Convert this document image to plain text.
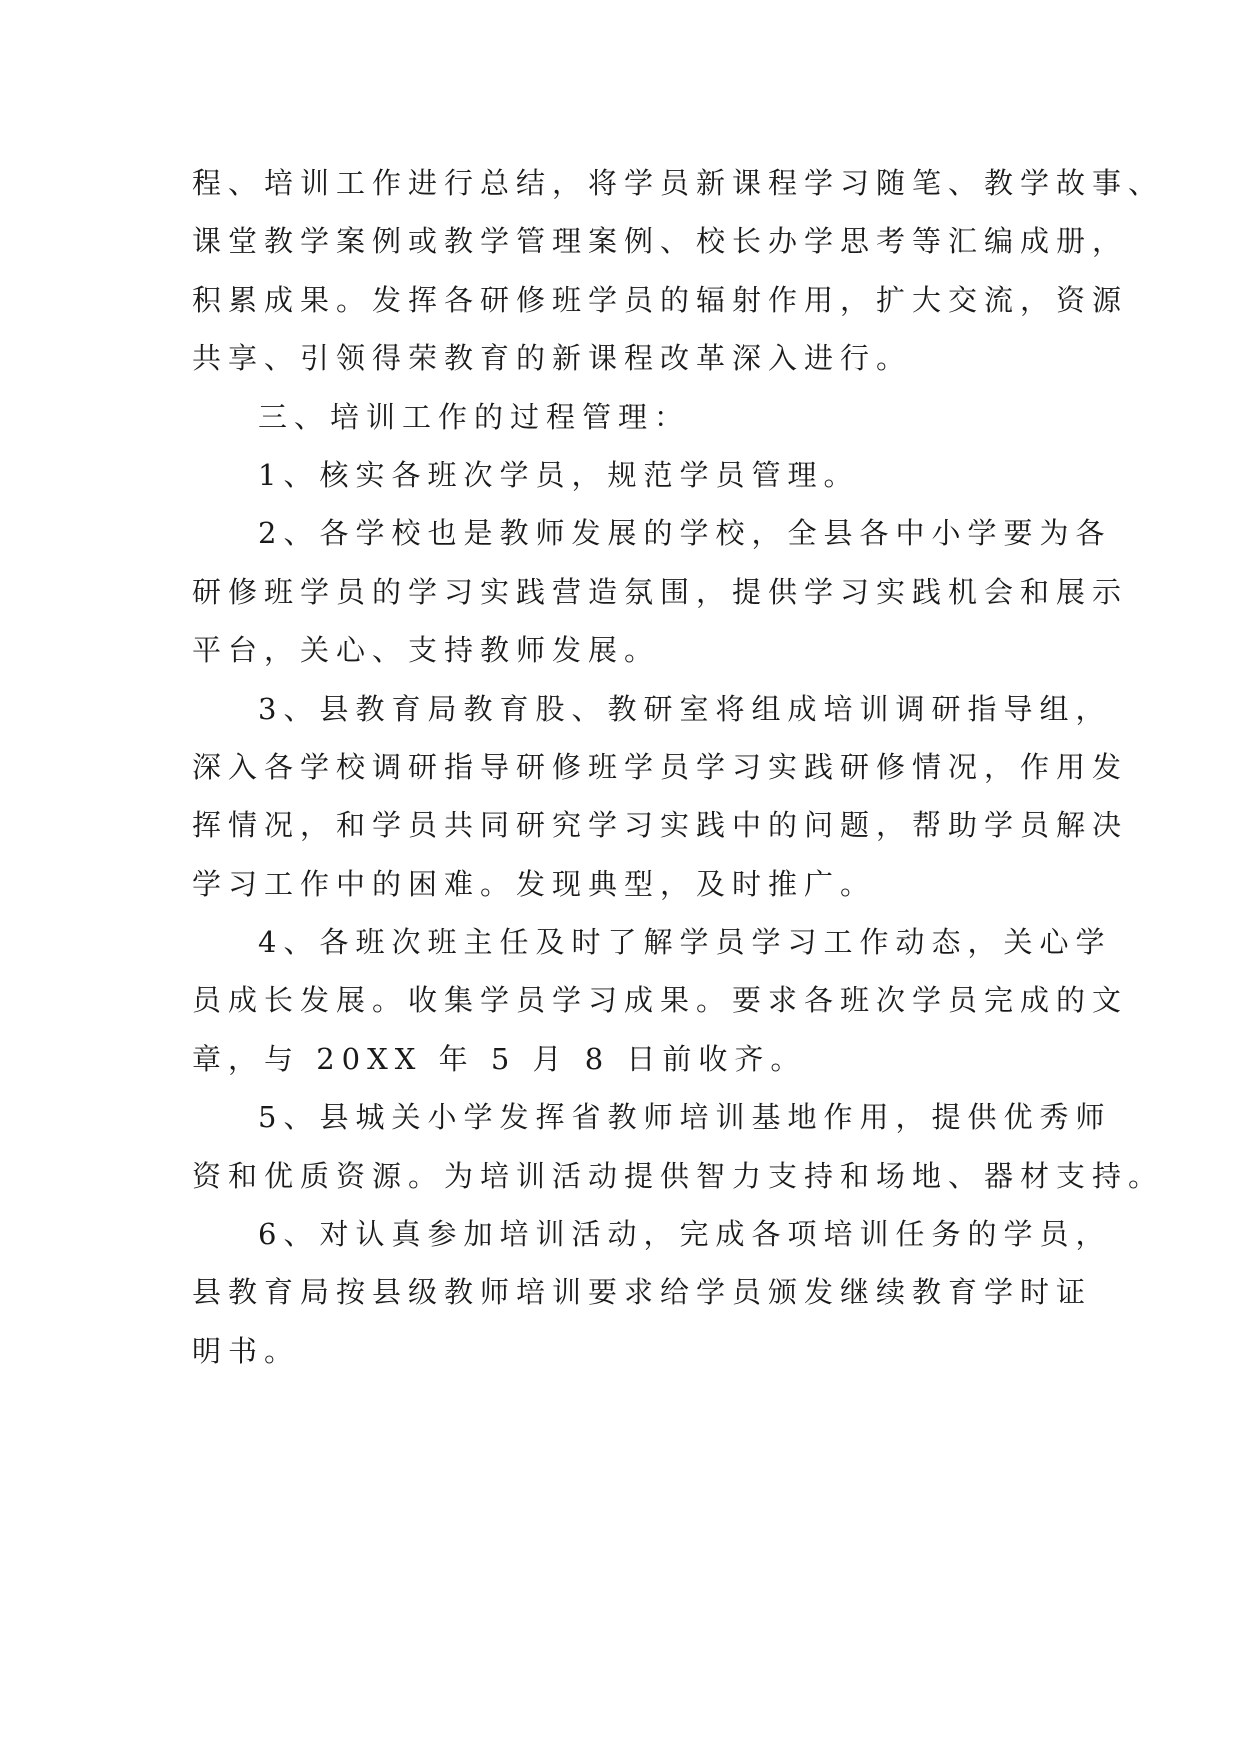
程、培训工作进行总结，将学员新课程学习随笔、教学故事、
课堂教学案例或教学管理案例、校长办学思考等汇编成册，
积累成果。发挥各研修班学员的辐射作用，扩大交流，资源
共享、引领得荣教育的新课程改革深入进行。
三、培训工作的过程管理：
1、核实各班次学员，规范学员管理。
2、各学校也是教师发展的学校，全县各中小学要为各
研修班学员的学习实践营造氛围，提供学习实践机会和展示
平台，关心、支持教师发展。
3、县教育局教育股、教研室将组成培训调研指导组，
深入各学校调研指导研修班学员学习实践研修情况，作用发
挥情况，和学员共同研究学习实践中的问题，帮助学员解决
学习工作中的困难。发现典型，及时推广。
4、各班次班主任及时了解学员学习工作动态，关心学
员成长发展。收集学员学习成果。要求各班次学员完成的文
章，与 20XX 年 5 月 8 日前收齐。
5、县城关小学发挥省教师培训基地作用，提供优秀师
资和优质资源。为培训活动提供智力支持和场地、器材支持。
6、对认真参加培训活动，完成各项培训任务的学员，
县教育局按县级教师培训要求给学员颁发继续教育学时证
明书。
